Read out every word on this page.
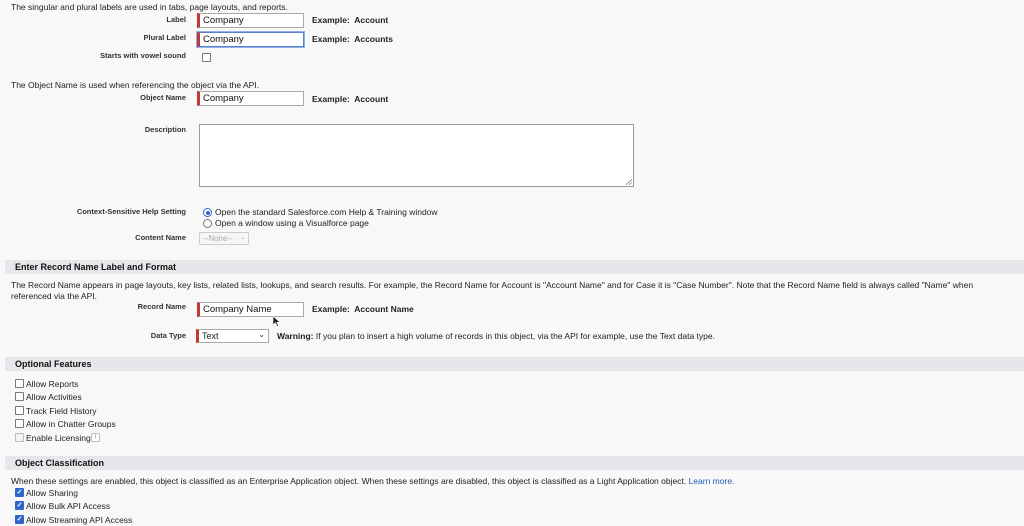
The singular and plural labels are used in tabs, page layouts, and reports.
Label	Company	Example: Account
Plural Label	Company	Example: Accounts
Starts with vowel sound
The Object Name is used when referencing the object via the API.
Object Name	Company	Example: Account
Description
Context-Sensitive Help Setting	Open the standard Salesforce.com Help & Training window
Open a window using a Visualforce page
Content Name	--None-- ⌄
Enter Record Name Label and Format
The Record Name appears in page layouts, key lists, related lists, lookups, and search results. For example, the Record Name for Account is "Account Name" and for Case it is "Case Number". Note that the Record Name field is always called "Name" when referenced via the API.
Record Name	Company Name	Example: Account Name
Data Type	Text	⌄ Warning: If you plan to insert a high volume of records in this object, via the API for example, use the Text data type.
Optional Features
Allow Reports
Allow Activities
Track Field History
Allow in Chatter Groups
Enable Licensing i
Object Classification
When these settings are enabled, this object is classified as an Enterprise Application object. When these settings are disabled, this object is classified as a Light Application object. Learn more.
✓ Allow Sharing
✓ Allow Bulk API Access
✓ Allow Streaming API Access
